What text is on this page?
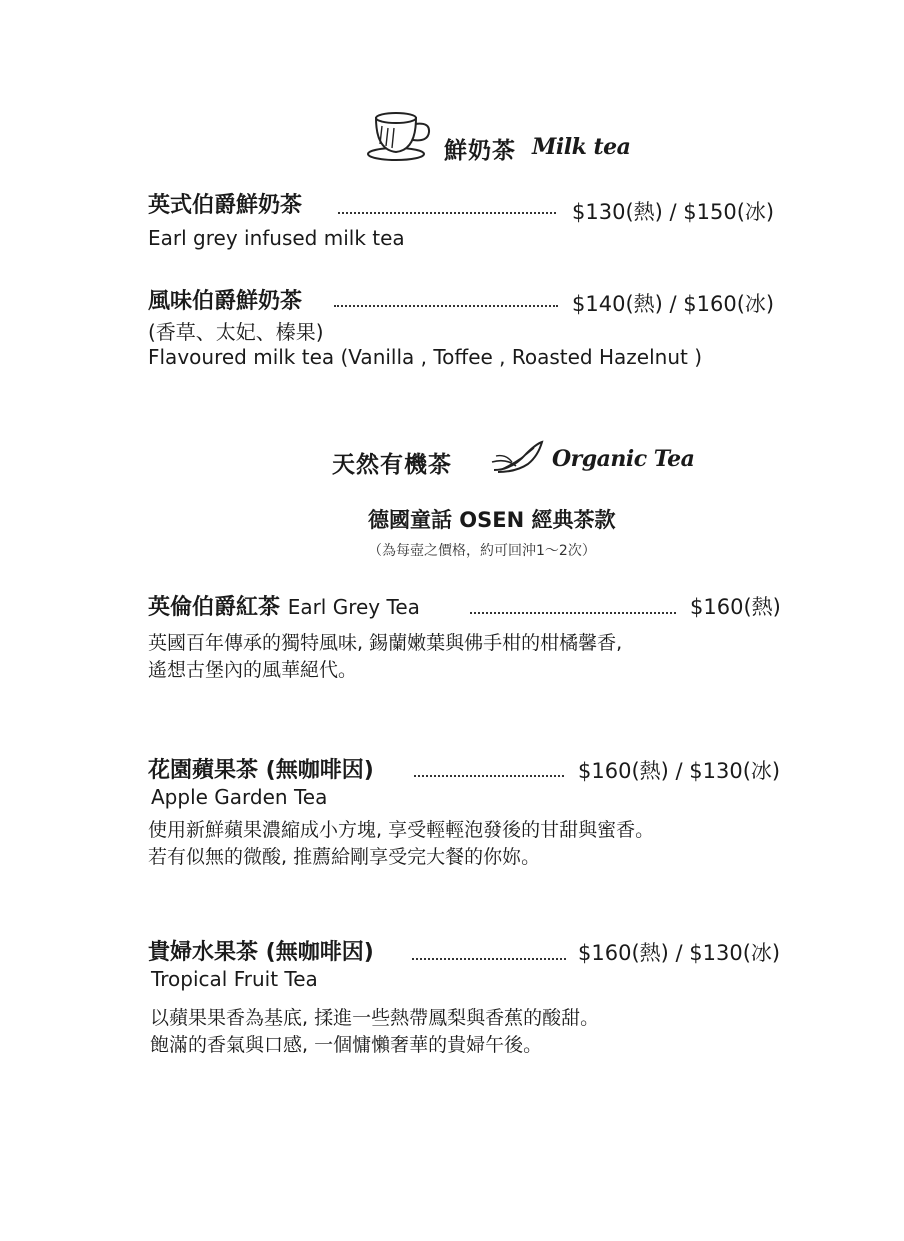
鮮奶茶 Milk tea
英式伯爵鮮奶茶	$130(熱) / $150(冰)
Earl grey infused milk tea
風味伯爵鮮奶茶	$140(熱) / $160(冰)
(香草、太妃、榛果)
Flavoured milk tea (Vanilla , Toffee , Roasted Hazelnut )
天然有機茶	Organic Tea
德國童話 OSEN 經典茶款
（為每壺之價格，約可回沖1～2次）
英倫伯爵紅茶 Earl Grey Tea	$160(熱)
英國百年傳承的獨特風味, 錫蘭嫩葉與佛手柑的柑橘馨香,
遙想古堡內的風華絕代。
花園蘋果茶 (無咖啡因)	$160(熱) / $130(冰)
Apple Garden Tea
使用新鮮蘋果濃縮成小方塊, 享受輕輕泡發後的甘甜與蜜香。
若有似無的微酸, 推薦給剛享受完大餐的你妳。
貴婦水果茶 (無咖啡因)	$160(熱) / $130(冰)
Tropical Fruit Tea
以蘋果果香為基底, 揉進一些熱帶鳳梨與香蕉的酸甜。
飽滿的香氣與口感, 一個慵懶奢華的貴婦午後。
